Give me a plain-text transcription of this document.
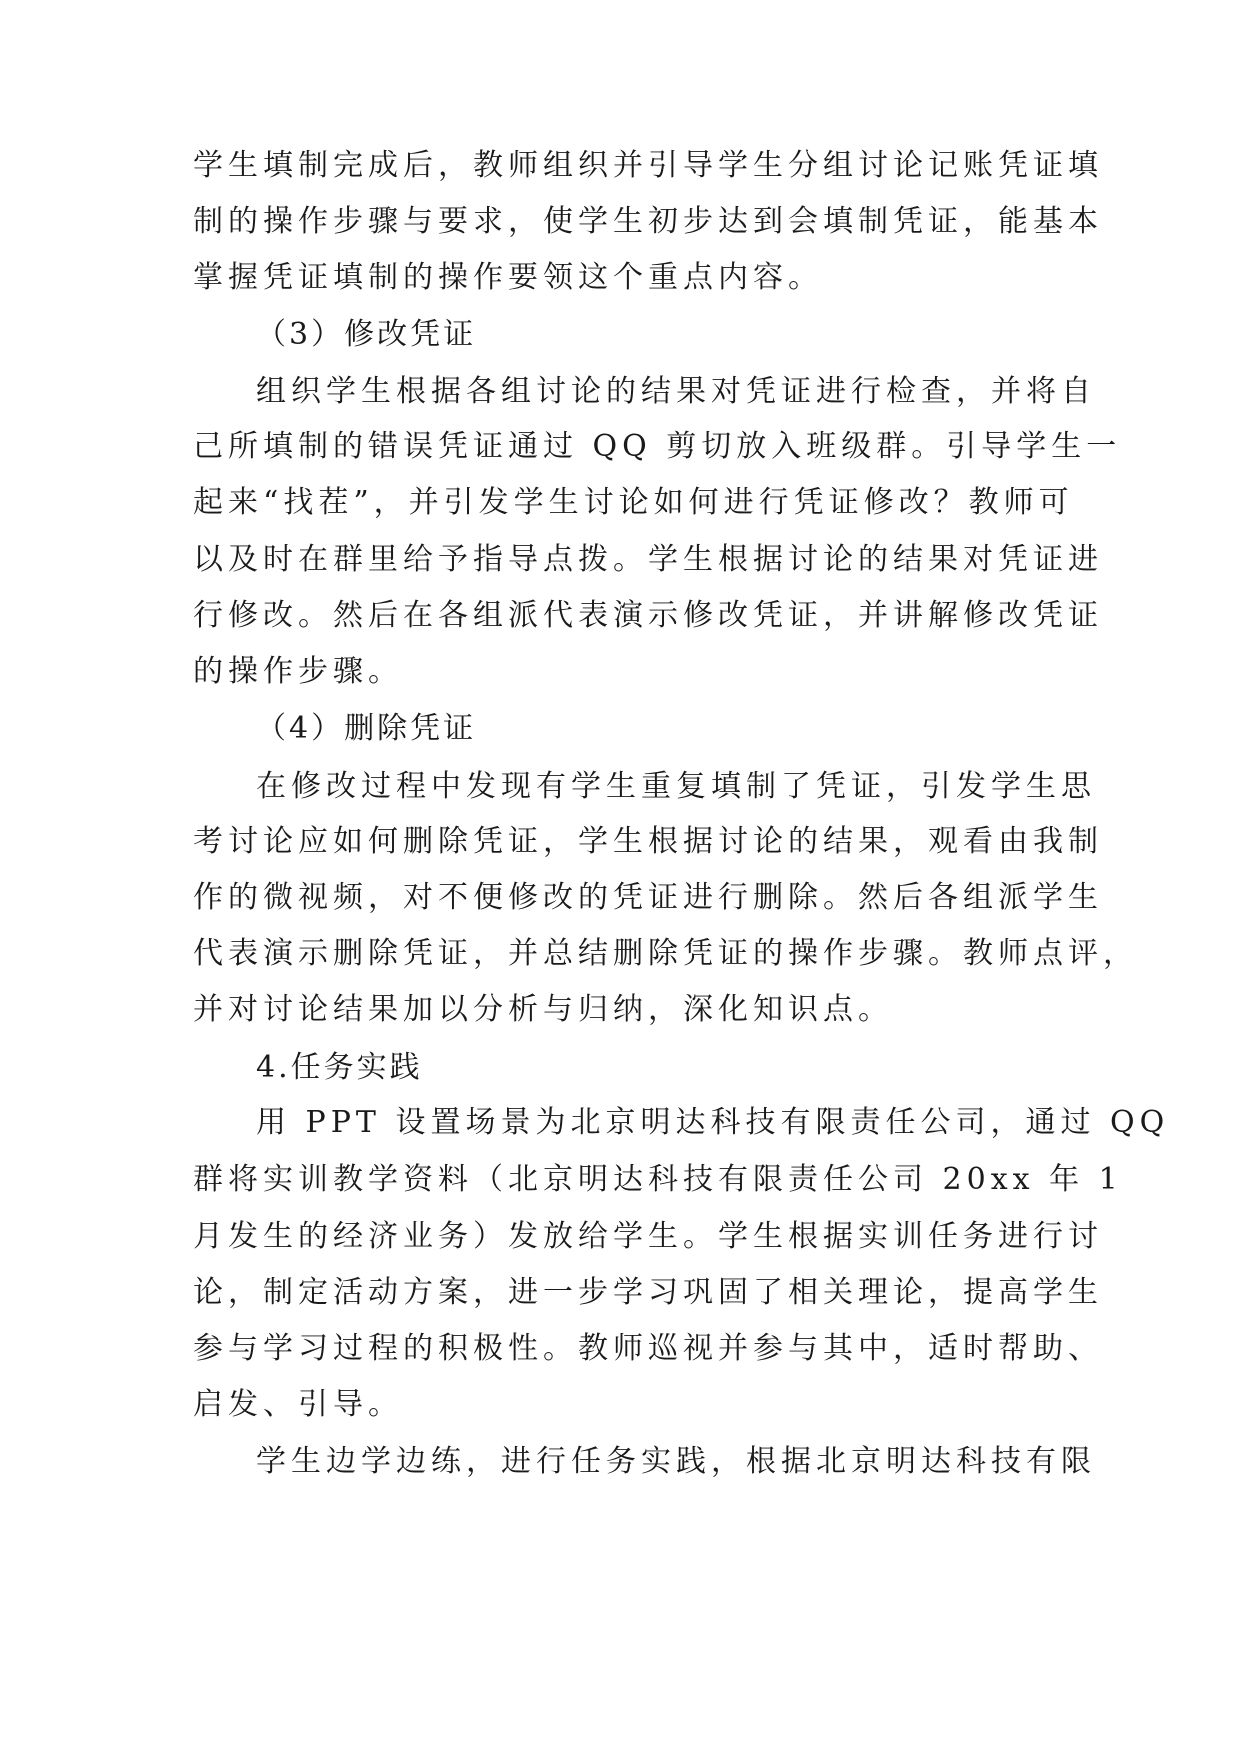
学生填制完成后，教师组织并引导学生分组讨论记账凭证填
制的操作步骤与要求，使学生初步达到会填制凭证，能基本
掌握凭证填制的操作要领这个重点内容。
（3）修改凭证
组织学生根据各组讨论的结果对凭证进行检查，并将自
己所填制的错误凭证通过 QQ 剪切放入班级群。引导学生一
起来“找茬”，并引发学生讨论如何进行凭证修改？教师可
以及时在群里给予指导点拨。学生根据讨论的结果对凭证进
行修改。然后在各组派代表演示修改凭证，并讲解修改凭证
的操作步骤。
（4）删除凭证
在修改过程中发现有学生重复填制了凭证，引发学生思
考讨论应如何删除凭证，学生根据讨论的结果，观看由我制
作的微视频，对不便修改的凭证进行删除。然后各组派学生
代表演示删除凭证，并总结删除凭证的操作步骤。教师点评，
并对讨论结果加以分析与归纳，深化知识点。
4.任务实践
用 PPT 设置场景为北京明达科技有限责任公司，通过 QQ
群将实训教学资料（北京明达科技有限责任公司 20xx 年 1
月发生的经济业务）发放给学生。学生根据实训任务进行讨
论，制定活动方案，进一步学习巩固了相关理论，提高学生
参与学习过程的积极性。教师巡视并参与其中，适时帮助、
启发、引导。
学生边学边练，进行任务实践，根据北京明达科技有限
